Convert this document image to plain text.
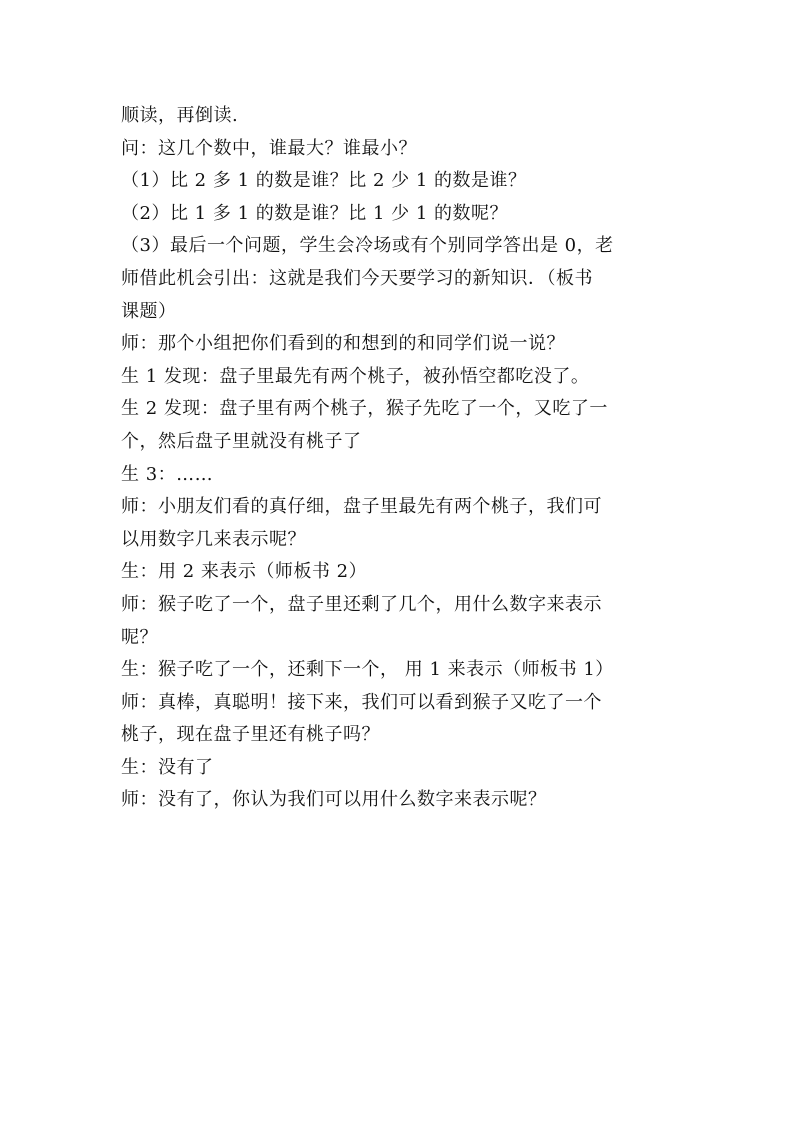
顺读，再倒读.
问：这几个数中，谁最大？谁最小？
（1）比 2 多 1 的数是谁？比 2 少 1 的数是谁？
（2）比 1 多 1 的数是谁？比 1 少 1 的数呢？
（3）最后一个问题，学生会冷场或有个别同学答出是 0，老
师借此机会引出：这就是我们今天要学习的新知识．（板书
课题）
师：那个小组把你们看到的和想到的和同学们说一说？
生 1 发现：盘子里最先有两个桃子，被孙悟空都吃没了。
生 2 发现：盘子里有两个桃子，猴子先吃了一个，又吃了一
个，然后盘子里就没有桃子了
生 3：……
师：小朋友们看的真仔细，盘子里最先有两个桃子，我们可
以用数字几来表示呢？
生：用 2 来表示（师板书 2）
师：猴子吃了一个，盘子里还剩了几个，用什么数字来表示
呢？
生：猴子吃了一个，还剩下一个， 用 1 来表示（师板书 1）
师：真棒，真聪明！接下来，我们可以看到猴子又吃了一个
桃子，现在盘子里还有桃子吗？
生：没有了
师：没有了，你认为我们可以用什么数字来表示呢？
